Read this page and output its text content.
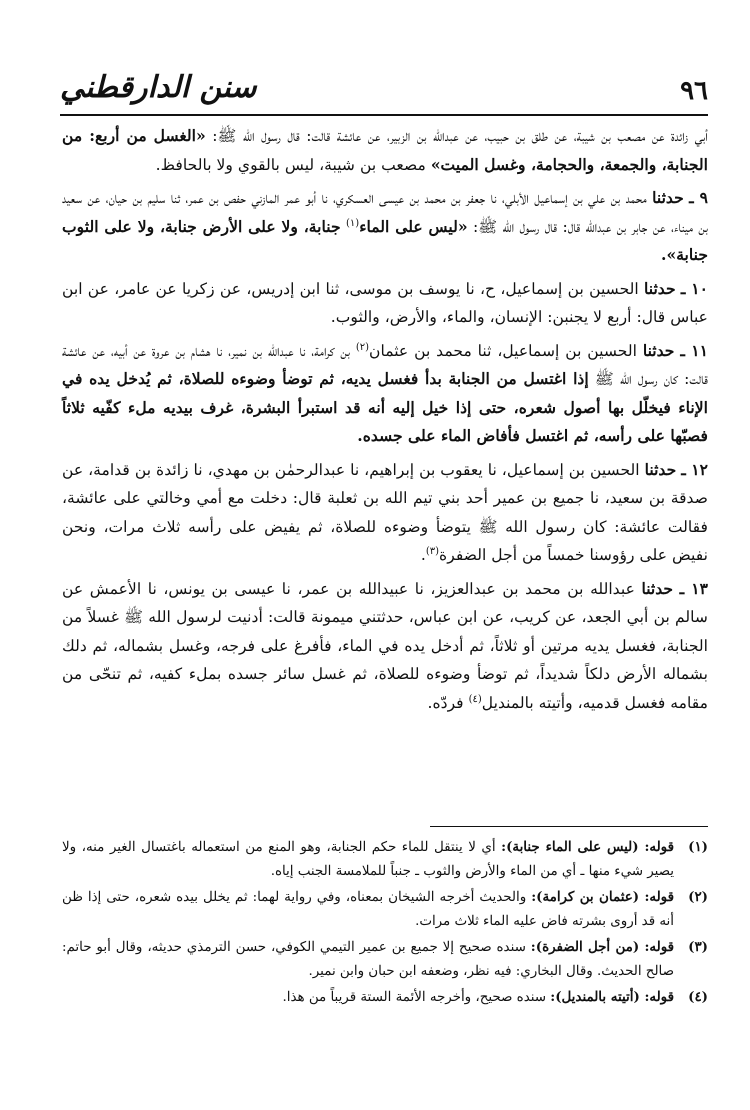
٩٦
سنن الدارقطني

أبي زائدة عن مصعب بن شيبة، عن طلق بن حبيب، عن عبدالله بن الزبير، عن عائشة قالت: قال رسول الله ﷺ: «الغسل من أربع: من الجنابة، والجمعة، والحجامة، وغسل الميت» مصعب بن شيبة، ليس بالقوي ولا بالحافظ.

٩ ـ حدثنا محمد بن علي بن إسماعيل الأبلي، نا جعفر بن محمد بن عيسى العسكري، نا أبو عمر المازني حفص بن عمر، ثنا سليم بن حيان، عن سعيد بن ميناء، عن جابر بن عبدالله قال: قال رسول الله ﷺ: «ليس على الماء$^{(١)}$ جنابة، ولا على الأرض جنابة، ولا على الثوب جنابة».

١٠ ـ حدثنا الحسين بن إسماعيل، ح، نا يوسف بن موسى، ثنا ابن إدريس، عن زكريا عن عامر، عن ابن عباس قال: أربع لا يجنبن: الإنسان، والماء، والأرض، والثوب.

١١ ـ حدثنا الحسين بن إسماعيل، ثنا محمد بن عثمان$^{(٢)}$ بن كرامة، نا عبدالله بن نمير، نا هشام بن عروة عن أبيه، عن عائشة قالت: كان رسول الله ﷺ إذا اغتسل من الجنابة بدأ فغسل يديه، ثم توضأ وضوءه للصلاة، ثم يُدخل يده في الإناء فيخلّل بها أصول شعره، حتى إذا خيل إليه أنه قد استبرأ البشرة، غرف بيديه ملء كفّيه ثلاثاً فصبّها على رأسه، ثم اغتسل فأفاض الماء على جسده.

١٢ ـ حدثنا الحسين بن إسماعيل، نا يعقوب بن إبراهيم، نا عبدالرحمٰن بن مهدي، نا زائدة بن قدامة، عن صدقة بن سعيد، نا جميع بن عمير أحد بني تيم الله بن ثعلبة قال: دخلت مع أمي وخالتي على عائشة، فقالت عائشة: كان رسول الله ﷺ يتوضأ وضوءه للصلاة، ثم يفيض على رأسه ثلاث مرات، ونحن نفيض على رؤوسنا خمساً من أجل الضفرة$^{(٣)}$.

١٣ ـ حدثنا عبدالله بن محمد بن عبدالعزيز، نا عبيدالله بن عمر، نا عيسى بن يونس، نا الأعمش عن سالم بن أبي الجعد، عن كريب، عن ابن عباس، حدثتني ميمونة قالت: أدنيت لرسول الله ﷺ غسلاً من الجنابة، فغسل يديه مرتين أو ثلاثاً، ثم أدخل يده في الماء، فأفرغ على فرجه، وغسل بشماله، ثم دلك بشماله الأرض دلكاً شديداً، ثم توضأ وضوءه للصلاة، ثم غسل سائر جسده بملء كفيه، ثم تنحّى من مقامه فغسل قدميه، وأتيته بالمنديل$^{(٤)}$ فردّه.

(١)
قوله: (ليس على الماء جنابة): أي لا ينتقل للماء حكم الجنابة، وهو المنع من استعماله باغتسال الغير منه، ولا يصير شيء منها ـ أي من الماء والأرض والثوب ـ جنباً للملامسة الجنب إياه.
(٢)
قوله: (عثمان بن كرامة): والحديث أخرجه الشيخان بمعناه، وفي رواية لهما: ثم يخلل بيده شعره، حتى إذا ظن أنه قد أروى بشرته فاض عليه الماء ثلاث مرات.
(٣)
قوله: (من أجل الضفرة): سنده صحيح إلا جميع بن عمير التيمي الكوفي، حسن الترمذي حديثه، وقال أبو حاتم: صالح الحديث. وقال البخاري: فيه نظر، وضعفه ابن حبان وابن نمير.
(٤)
قوله: (أتيته بالمنديل): سنده صحيح، وأخرجه الأئمة الستة قريباً من هذا.
